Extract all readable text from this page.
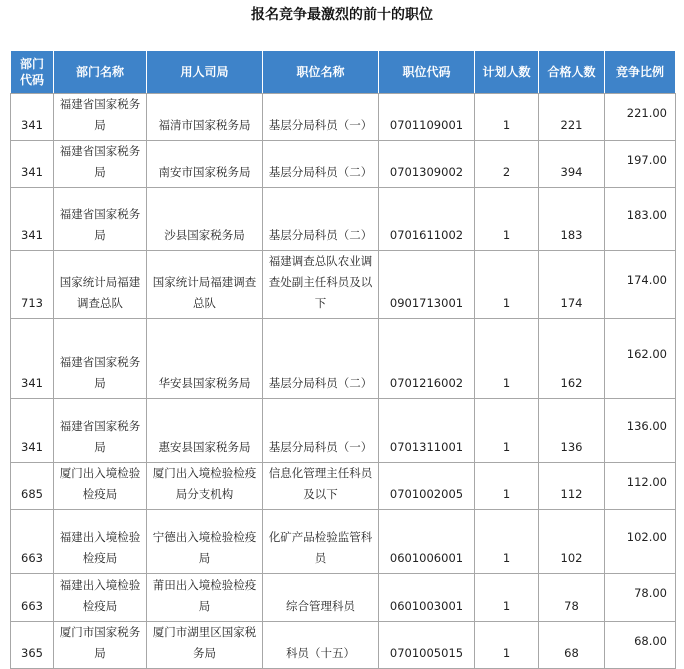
报名竞争最激烈的前十的职位
部门代码	部门名称	用人司局	职位名称	职位代码	计划人数	合格人数	竞争比例
341	福建省国家税务局	福清市国家税务局	基层分局科员（一）	0701109001	1	221	221.00
341	福建省国家税务局	南安市国家税务局	基层分局科员（二）	0701309002	2	394	197.00
341	福建省国家税务局	沙县国家税务局	基层分局科员（二）	0701611002	1	183	183.00
713	国家统计局福建调查总队	国家统计局福建调查总队	福建调查总队农业调查处副主任科员及以下	0901713001	1	174	174.00
341	福建省国家税务局	华安县国家税务局	基层分局科员（二）	0701216002	1	162	162.00
341	福建省国家税务局	惠安县国家税务局	基层分局科员（一）	0701311001	1	136	136.00
685	厦门出入境检验检疫局	厦门出入境检验检疫局分支机构	信息化管理主任科员及以下	0701002005	1	112	112.00
663	福建出入境检验检疫局	宁德出入境检验检疫局	化矿产品检验监管科员	0601006001	1	102	102.00
663	福建出入境检验检疫局	莆田出入境检验检疫局	综合管理科员	0601003001	1	78	78.00
365	厦门市国家税务局	厦门市湖里区国家税务局	科员（十五）	0701005015	1	68	68.00
